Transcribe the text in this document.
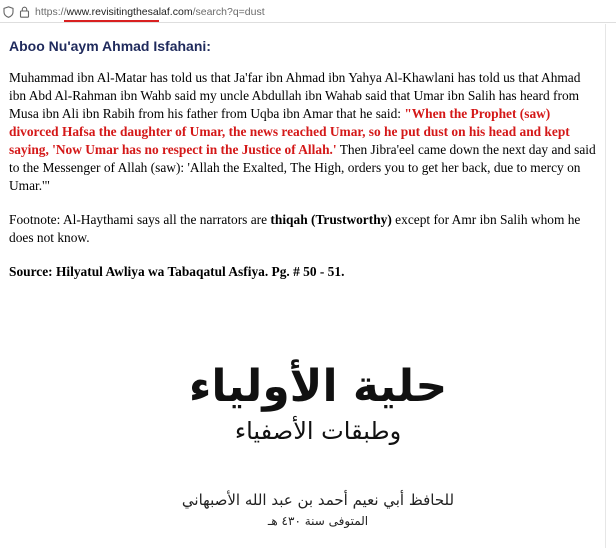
https://www.revisitingthesalaf.com/search?q=dust
Aboo Nu'aym Ahmad Isfahani:

Muhammad ibn Al-Matar has told us that Ja'far ibn Ahmad ibn Yahya Al-Khawlani has told us that Ahmad ibn Abd Al-Rahman ibn Wahb said my uncle Abdullah ibn Wahab said that Umar ibn Salih has heard from Musa ibn Ali ibn Rabih from his father from Uqba ibn Amar that he said: "When the Prophet (saw) divorced Hafsa the daughter of Umar, the news reached Umar, so he put dust on his head and kept saying, 'Now Umar has no respect in the Justice of Allah.' Then Jibra'eel came down the next day and said to the Messenger of Allah (saw): 'Allah the Exalted, The High, orders you to get her back, due to mercy on Umar.'"

Footnote: Al-Haythami says all the narrators are thiqah (Trustworthy) except for Amr ibn Salih whom he does not know.

Source: Hilyatul Awliya wa Tabaqatul Asfiya. Pg. # 50 - 51.

حلية الأولياء
وطبقات الأصفياء
للحافظ أبي نعيم أحمد بن عبد الله الأصبهاني
المتوفى سنة ٤٣٠ هـ
